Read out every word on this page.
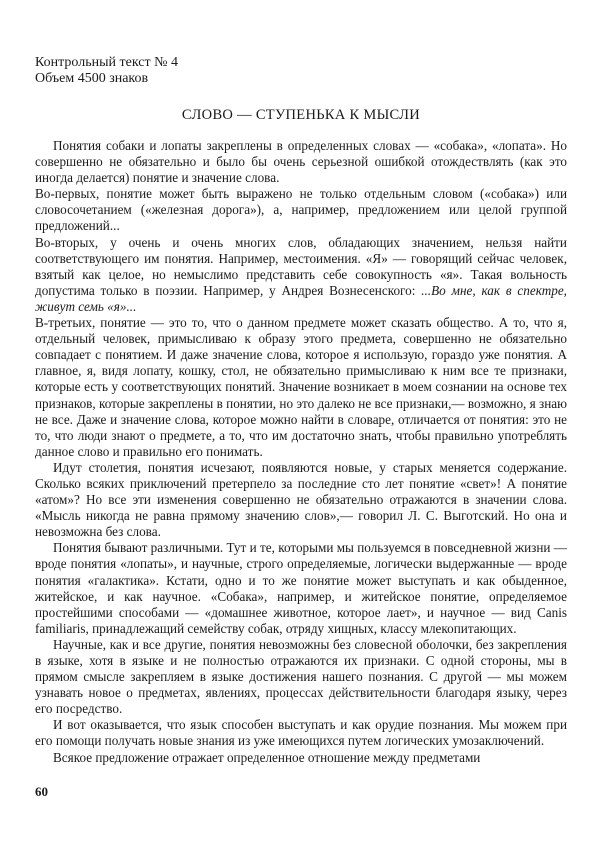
Контрольный текст № 4
Объем 4500 знаков
СЛОВО — СТУПЕНЬКА К МЫСЛИ

Понятия собаки и лопаты закреплены в определенных словах — «собака», «лопата». Но совершенно не обязательно и было бы очень серьезной ошибкой отождествлять (как это иногда делается) понятие и значение слова.

Во-первых, понятие может быть выражено не только отдельным словом («собака») или словосочетанием («железная дорога»), а, например, предложением или целой группой предложений...

Во-вторых, у очень и очень многих слов, обладающих значением, нельзя найти соответствующего им понятия. Например, местоимения. «Я» — говорящий сейчас человек, взятый как целое, но немыслимо представить себе совокупность «я». Такая вольность допустима только в поэзии. Например, у Андрея Вознесенского: ...Во мне, как в спектре, живут семь «я»...

В-третьих, понятие — это то, что о данном предмете может сказать общество. А то, что я, отдельный человек, примысливаю к образу этого предмета, совершенно не обязательно совпадает с понятием. И даже значение слова, которое я использую, гораздо уже понятия. А главное, я, видя лопату, кошку, стол, не обязательно примысливаю к ним все те признаки, которые есть у соответствующих понятий. Значение возникает в моем сознании на основе тех признаков, которые закреплены в понятии, но это далеко не все признаки,— возможно, я знаю не все. Даже и значение слова, которое можно найти в словаре, отличается от понятия: это не то, что люди знают о предмете, а то, что им достаточно знать, чтобы правильно употреблять данное слово и правильно его понимать.

Идут столетия, понятия исчезают, появляются новые, у старых меняется содержание. Сколько всяких приключений претерпело за последние сто лет понятие «свет»! А понятие «атом»? Но все эти изменения совершенно не обязательно отражаются в значении слова. «Мысль никогда не равна прямому значению слов»,— говорил Л. С. Выготский. Но она и невозможна без слова.

Понятия бывают различными. Тут и те, которыми мы пользуемся в повседневной жизни — вроде понятия «лопаты», и научные, строго определяемые, логически выдержанные — вроде понятия «галактика». Кстати, одно и то же понятие может выступать и как обыденное, житейское, и как научное. «Собака», например, и житейское понятие, определяемое простейшими способами — «домашнее животное, которое лает», и научное — вид Canis familiaris, принадлежащий семейству собак, отряду хищных, классу млекопитающих.

Научные, как и все другие, понятия невозможны без словесной оболочки, без закрепления в языке, хотя в языке и не полностью отражаются их признаки. С одной стороны, мы в прямом смысле закрепляем в языке достижения нашего познания. С другой — мы можем узнавать новое о предметах, явлениях, процессах действительности благодаря языку, через его посредство.

И вот оказывается, что язык способен выступать и как орудие познания. Мы можем при его помощи получать новые знания из уже имеющихся путем логических умозаключений.

Всякое предложение отражает определенное отношение между предметами

60
